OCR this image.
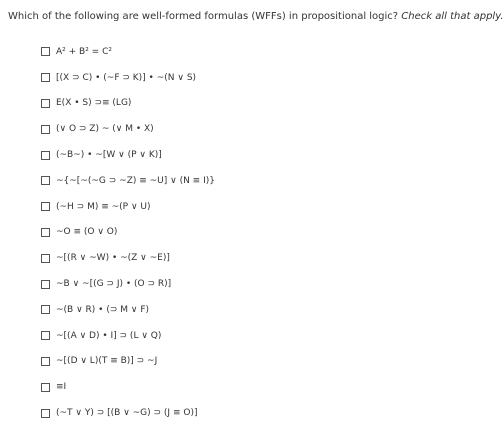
Which of the following are well-formed formulas (WFFs) in propositional logic? Check all that apply.
A² + B² = C²
[(X ⊃ C) • (~F ⊃ K)] • ~(N ∨ S)
E(X • S) ⊃≡ (LG)
(∨ O ⊃ Z) ~ (∨ M • X)
(~B~) • ~[W ∨ (P ∨ K)]
~{~[~(~G ⊃ ~Z) ≡ ~U] ∨ (N ≡ I)}
(~H ⊃ M) ≡ ~(P ∨ U)
~O ≡ (O ∨ O)
~[(R ∨ ~W) • ~(Z ∨ ~E)]
~B ∨ ~[(G ⊃ J) • (O ⊃ R)]
~(B ∨ R) • (⊃ M ∨ F)
~[(A ∨ D) • I] ⊃ (L ∨ Q)
~[(D ∨ L)(T ≡ B)] ⊃ ~J
≡I
(~T ∨ Y) ⊃ [(B ∨ ~G) ⊃ (J ≡ O)]
